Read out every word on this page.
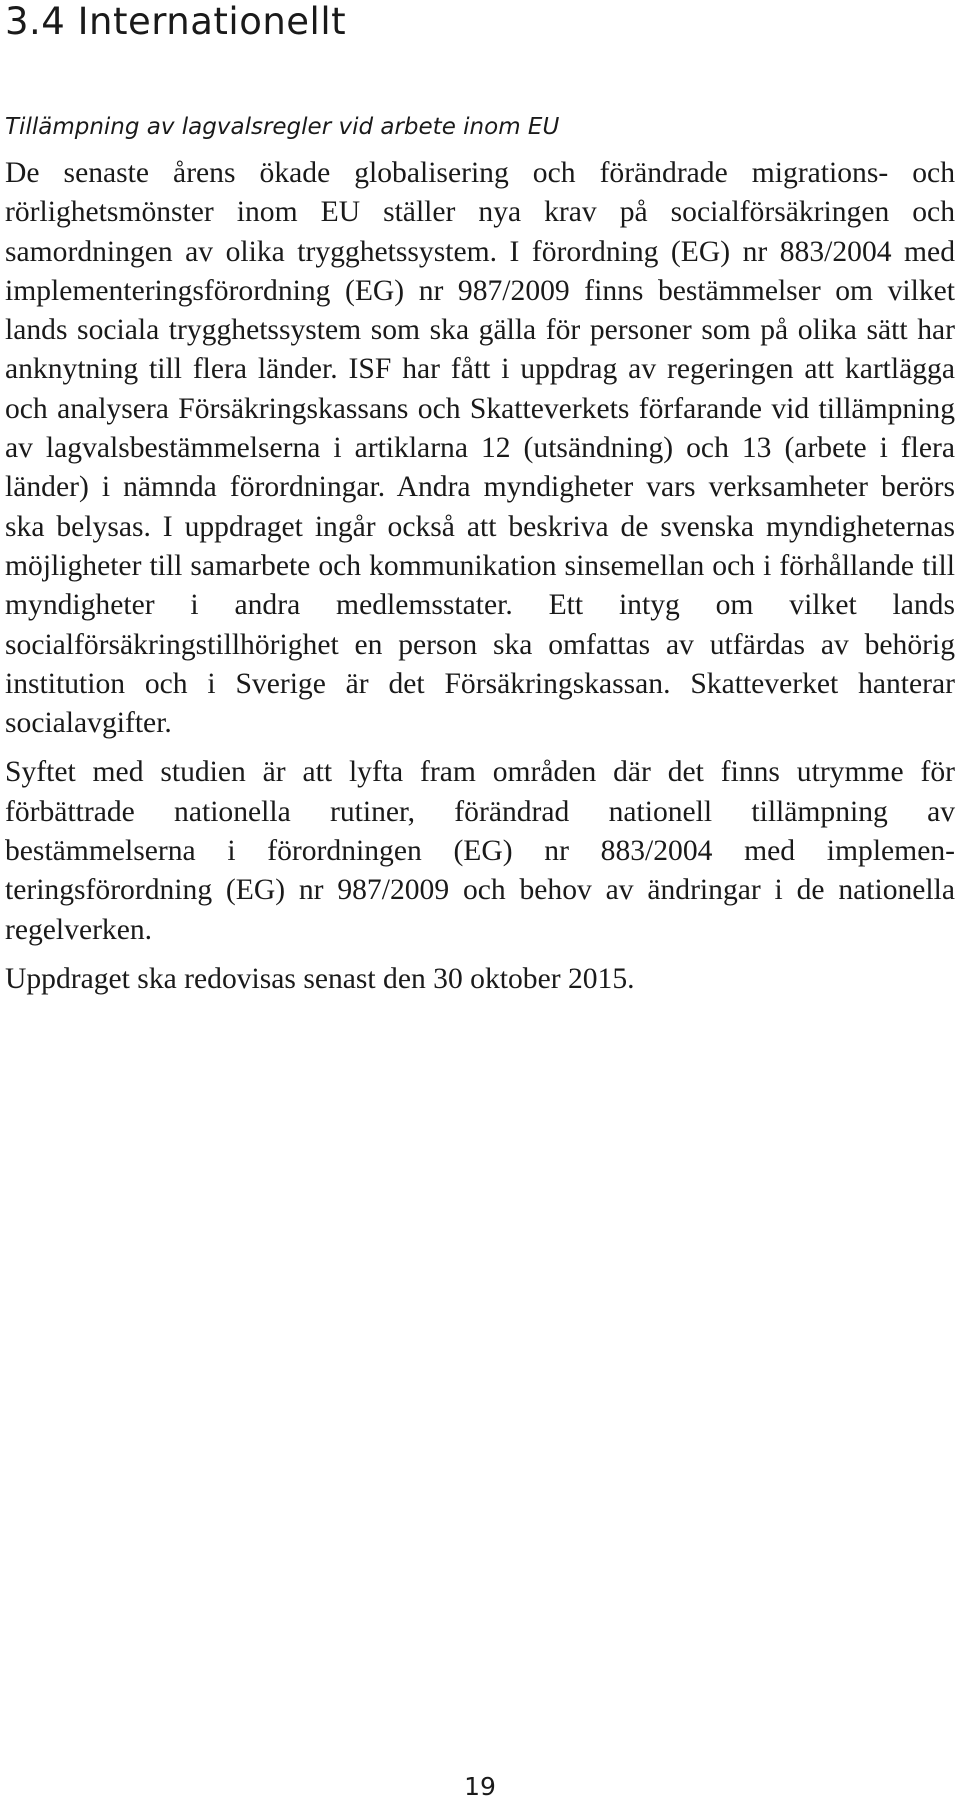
3.4 Internationellt
Tillämpning av lagvalsregler vid arbete inom EU

De senaste årens ökade globalisering och förändrade migrations- och rörlighetsmönster inom EU ställer nya krav på socialförsäkringen och samordningen av olika trygghetssystem. I förordning (EG) nr 883/2004 med implementeringsförordning (EG) nr 987/2009 finns bestämmelser om vilket lands sociala trygghetssystem som ska gälla för personer som på olika sätt har anknytning till flera länder. ISF har fått i uppdrag av regeringen att kartlägga och analysera Försäkringskassans och Skatteverkets förfarande vid tillämpning av lagvalsbestämmelserna i artiklarna 12 (utsändning) och 13 (arbete i flera länder) i nämnda förordningar. Andra myndigheter vars verksamheter berörs ska belysas. I uppdraget ingår också att beskriva de svenska myndigheternas möjligheter till samarbete och kommunikation sinsemellan och i förhållande till myndigheter i andra medlemsstater. Ett intyg om vilket lands socialförsäkringstillhörighet en person ska omfattas av utfärdas av behörig institution och i Sverige är det Försäkringskassan. Skatteverket hanterar socialavgifter.

Syftet med studien är att lyfta fram områden där det finns utrymme för förbättrade nationella rutiner, förändrad nationell tillämpning av bestämmelserna i förordningen (EG) nr 883/2004 med implementeringsförordning (EG) nr 987/2009 och behov av ändringar i de nationella regelverken.

Uppdraget ska redovisas senast den 30 oktober 2015.

19
